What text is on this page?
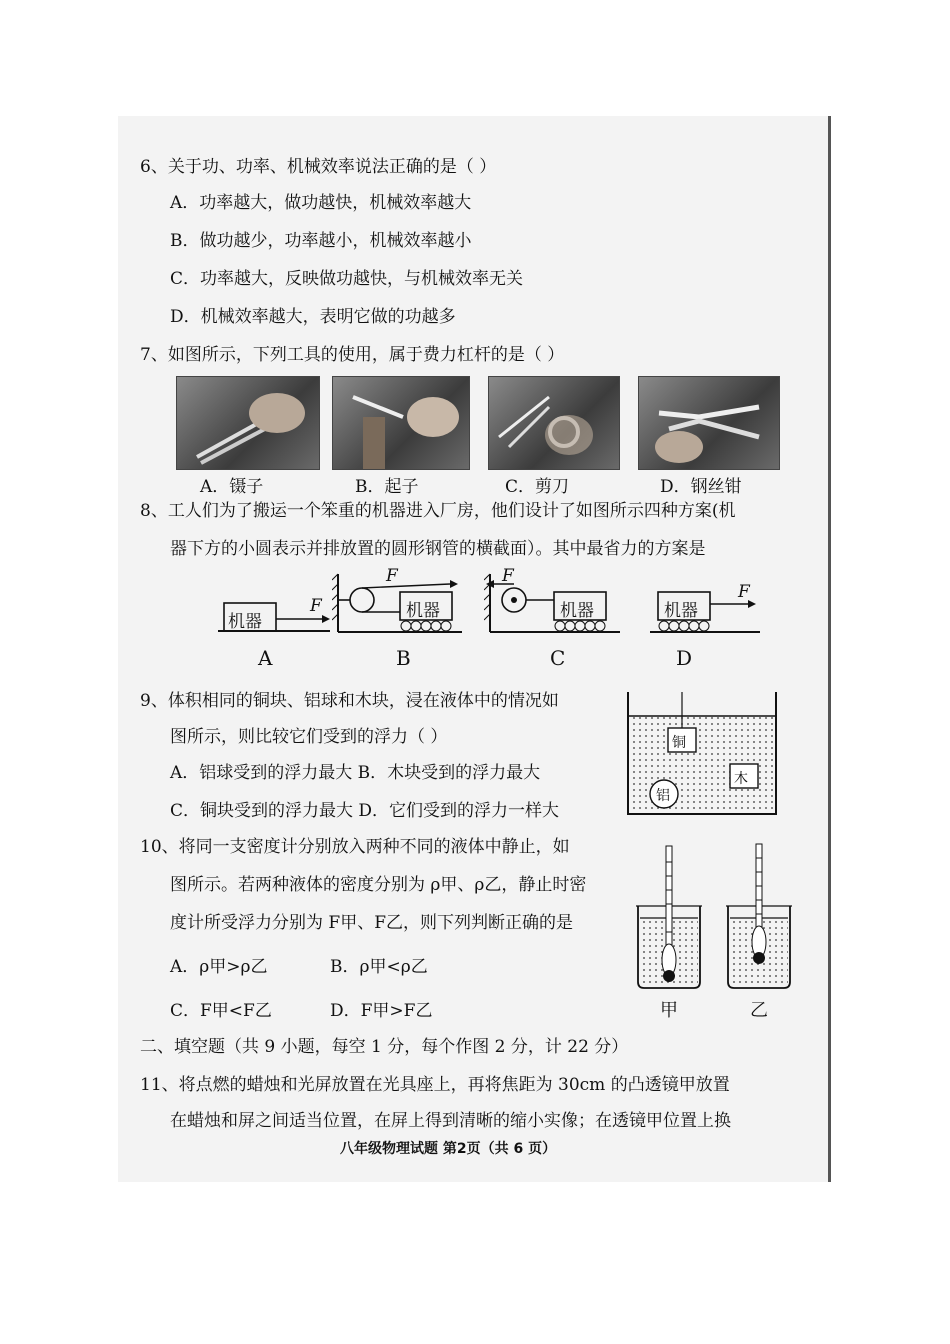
6、关于功、功率、机械效率说法正确的是（ ）
A．功率越大，做功越快，机械效率越大
B．做功越少，功率越小，机械效率越小
C．功率越大，反映做功越快，与机械效率无关
D．机械效率越大，表明它做的功越多
7、如图所示，下列工具的使用，属于费力杠杆的是（ ）
A．镊子	B．起子	C．剪刀	D．钢丝钳
8、工人们为了搬运一个笨重的机器进入厂房，他们设计了如图所示四种方案(机
器下方的小圆表示并排放置的圆形钢管的横截面）。其中最省力的方案是
机器
F	机器
F
机器
F
机器
F
A	B	C	D
9、体积相同的铜块、铝球和木块，浸在液体中的情况如
图所示，则比较它们受到的浮力（ ）
A．铝球受到的浮力最大 B．木块受到的浮力最大
C．铜块受到的浮力最大 D．它们受到的浮力一样大
铜
木
铝
10、将同一支密度计分别放入两种不同的液体中静止，如
图所示。若两种液体的密度分别为 ρ甲、ρ乙，静止时密
度计所受浮力分别为 F甲、F乙，则下列判断正确的是
A．ρ甲>ρ乙	B．ρ甲<ρ乙
C．F甲<F乙	D．F甲>F乙	甲	乙
二、填空题（共 9 小题，每空 1 分，每个作图 2 分，计 22 分）
11、将点燃的蜡烛和光屏放置在光具座上，再将焦距为 30cm 的凸透镜甲放置
在蜡烛和屏之间适当位置，在屏上得到清晰的缩小实像；在透镜甲位置上换
八年级物理试题 第2页（共 6 页）
